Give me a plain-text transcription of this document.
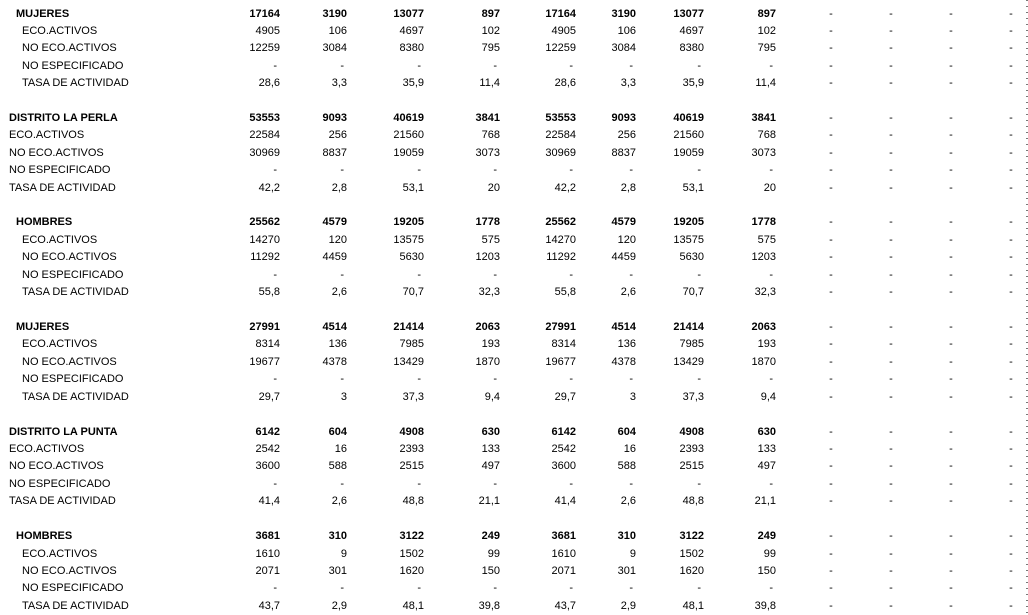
MUJERES	17164	3190	13077	897	17164	3190	13077	897	-	-	-	-
ECO.ACTIVOS	4905	106	4697	102	4905	106	4697	102	-	-	-	-
NO ECO.ACTIVOS	12259	3084	8380	795	12259	3084	8380	795	-	-	-	-
NO ESPECIFICADO	-	-	-	-	-	-	-	-	-	-	-	-
TASA DE ACTIVIDAD	28,6	3,3	35,9	11,4	28,6	3,3	35,9	11,4	-	-	-	-
DISTRITO LA PERLA	53553	9093	40619	3841	53553	9093	40619	3841	-	-	-	-
ECO.ACTIVOS	22584	256	21560	768	22584	256	21560	768	-	-	-	-
NO ECO.ACTIVOS	30969	8837	19059	3073	30969	8837	19059	3073	-	-	-	-
NO ESPECIFICADO	-	-	-	-	-	-	-	-	-	-	-	-
TASA DE ACTIVIDAD	42,2	2,8	53,1	20	42,2	2,8	53,1	20	-	-	-	-
HOMBRES	25562	4579	19205	1778	25562	4579	19205	1778	-	-	-	-
ECO.ACTIVOS	14270	120	13575	575	14270	120	13575	575	-	-	-	-
NO ECO.ACTIVOS	11292	4459	5630	1203	11292	4459	5630	1203	-	-	-	-
NO ESPECIFICADO	-	-	-	-	-	-	-	-	-	-	-	-
TASA DE ACTIVIDAD	55,8	2,6	70,7	32,3	55,8	2,6	70,7	32,3	-	-	-	-
MUJERES	27991	4514	21414	2063	27991	4514	21414	2063	-	-	-	-
ECO.ACTIVOS	8314	136	7985	193	8314	136	7985	193	-	-	-	-
NO ECO.ACTIVOS	19677	4378	13429	1870	19677	4378	13429	1870	-	-	-	-
NO ESPECIFICADO	-	-	-	-	-	-	-	-	-	-	-	-
TASA DE ACTIVIDAD	29,7	3	37,3	9,4	29,7	3	37,3	9,4	-	-	-	-
DISTRITO LA PUNTA	6142	604	4908	630	6142	604	4908	630	-	-	-	-
ECO.ACTIVOS	2542	16	2393	133	2542	16	2393	133	-	-	-	-
NO ECO.ACTIVOS	3600	588	2515	497	3600	588	2515	497	-	-	-	-
NO ESPECIFICADO	-	-	-	-	-	-	-	-	-	-	-	-
TASA DE ACTIVIDAD	41,4	2,6	48,8	21,1	41,4	2,6	48,8	21,1	-	-	-	-
HOMBRES	3681	310	3122	249	3681	310	3122	249	-	-	-	-
ECO.ACTIVOS	1610	9	1502	99	1610	9	1502	99	-	-	-	-
NO ECO.ACTIVOS	2071	301	1620	150	2071	301	1620	150	-	-	-	-
NO ESPECIFICADO	-	-	-	-	-	-	-	-	-	-	-	-
TASA DE ACTIVIDAD	43,7	2,9	48,1	39,8	43,7	2,9	48,1	39,8	-	-	-	-
